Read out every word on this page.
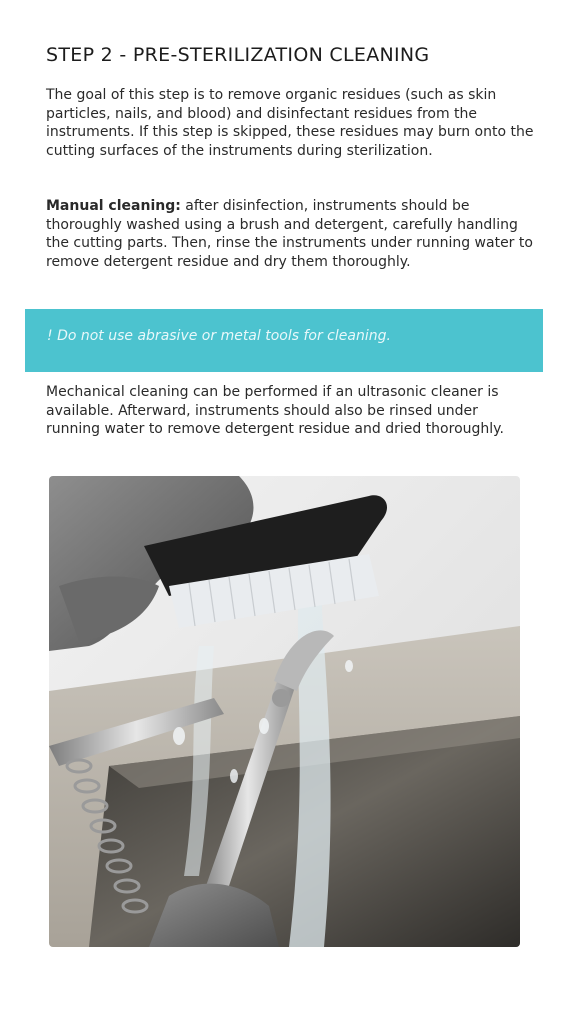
STEP 2 - PRE-STERILIZATION CLEANING

The goal of this step is to remove organic residues (such as skin particles, nails, and blood) and disinfectant residues from the instruments. If this step is skipped, these residues may burn onto the cutting surfaces of the instruments during sterilization.

Manual cleaning: after disinfection, instruments should be thoroughly washed using a brush and detergent, carefully handling the cutting parts. Then, rinse the instruments under running water to remove detergent residue and dry them thoroughly.

! Do not use abrasive or metal tools for cleaning.

Mechanical cleaning can be performed if an ultrasonic cleaner is available. Afterward, instruments should also be rinsed under running water to remove detergent residue and dried thoroughly.
